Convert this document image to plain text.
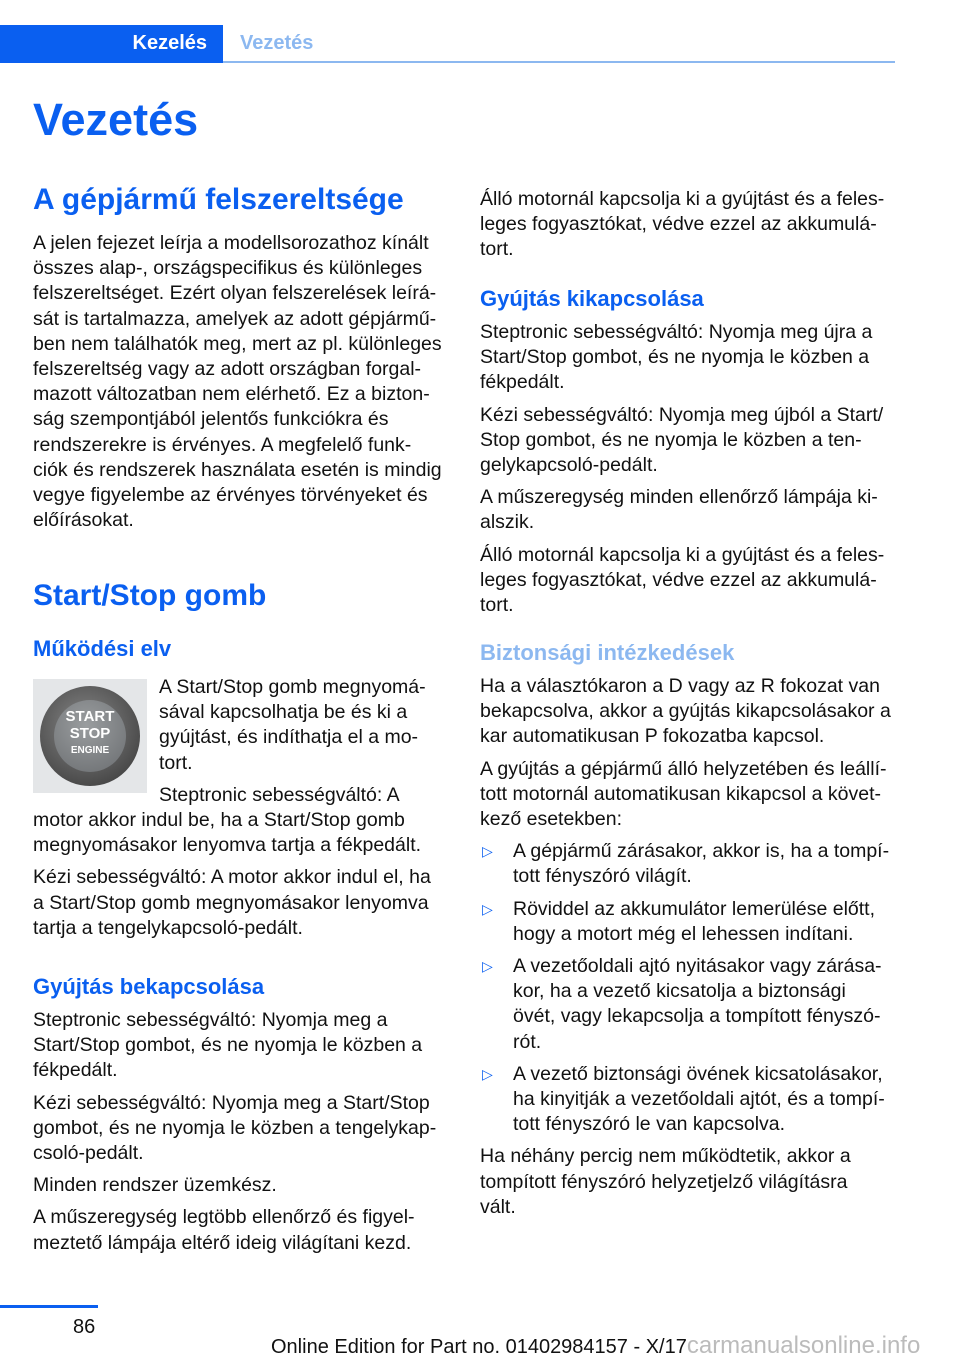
Kezelés	Vezetés
Vezetés
A gépjármű felszereltsége

A jelen fejezet leírja a modellsorozathoz kínált
összes alap-, országspecifikus és különleges
felszereltséget. Ezért olyan felszerelések leírá-
sát is tartalmazza, amelyek az adott gépjármű-
ben nem találhatók meg, mert az pl. különleges
felszereltség vagy az adott országban forgal-
mazott változatban nem elérhető. Ez a bizton-
ság szempontjából jelentős funkciókra és
rendszerekre is érvényes. A megfelelő funk-
ciók és rendszerek használata esetén is mindig
vegye figyelembe az érvényes törvényeket és
előírásokat.

Start/Stop gomb
Működési elv
START
STOP
ENGINE

A Start/Stop gomb megnyomá-
sával kapcsolhatja be és ki a
gyújtást, és indíthatja el a mo-
tort.

Steptronic sebességváltó: A
motor akkor indul be, ha a Start/Stop gomb
megnyomásakor lenyomva tartja a fékpedált.

Kézi sebességváltó: A motor akkor indul el, ha
a Start/Stop gomb megnyomásakor lenyomva
tartja a tengelykapcsoló-pedált.

Gyújtás bekapcsolása

Steptronic sebességváltó: Nyomja meg a
Start/Stop gombot, és ne nyomja le közben a
fékpedált.

Kézi sebességváltó: Nyomja meg a Start/Stop
gombot, és ne nyomja le közben a tengelykap-
csoló-pedált.

Minden rendszer üzemkész.

A műszeregység legtöbb ellenőrző és figyel-
meztető lámpája eltérő ideig világítani kezd.

Álló motornál kapcsolja ki a gyújtást és a feles-
leges fogyasztókat, védve ezzel az akkumulá-
tort.

Gyújtás kikapcsolása

Steptronic sebességváltó: Nyomja meg újra a
Start/Stop gombot, és ne nyomja le közben a
fékpedált.

Kézi sebességváltó: Nyomja meg újból a Start/
Stop gombot, és ne nyomja le közben a ten-
gelykapcsoló-pedált.

A műszeregység minden ellenőrző lámpája ki-
alszik.

Álló motornál kapcsolja ki a gyújtást és a feles-
leges fogyasztókat, védve ezzel az akkumulá-
tort.

Biztonsági intézkedések

Ha a választókaron a D vagy az R fokozat van
bekapcsolva, akkor a gyújtás kikapcsolásakor a
kar automatikusan P fokozatba kapcsol.

A gyújtás a gépjármű álló helyzetében és leállí-
tott motornál automatikusan kikapcsol a követ-
kező esetekben:

▷ A gépjármű zárásakor, akkor is, ha a tompí-
tott fényszóró világít.
▷ Röviddel az akkumulátor lemerülése előtt,
hogy a motort még el lehessen indítani.
▷ A vezetőoldali ajtó nyitásakor vagy zárása-
kor, ha a vezető kicsatolja a biztonsági
övét, vagy lekapcsolja a tompított fényszó-
rót.
▷ A vezető biztonsági övének kicsatolásakor,
ha kinyitják a vezetőoldali ajtót, és a tompí-
tott fényszóró le van kapcsolva.

Ha néhány percig nem működtetik, akkor a
tompított fényszóró helyzetjelző világításra
vált.

86
Online Edition for Part no. 01402984157 - X/17carmanualsonline.info
